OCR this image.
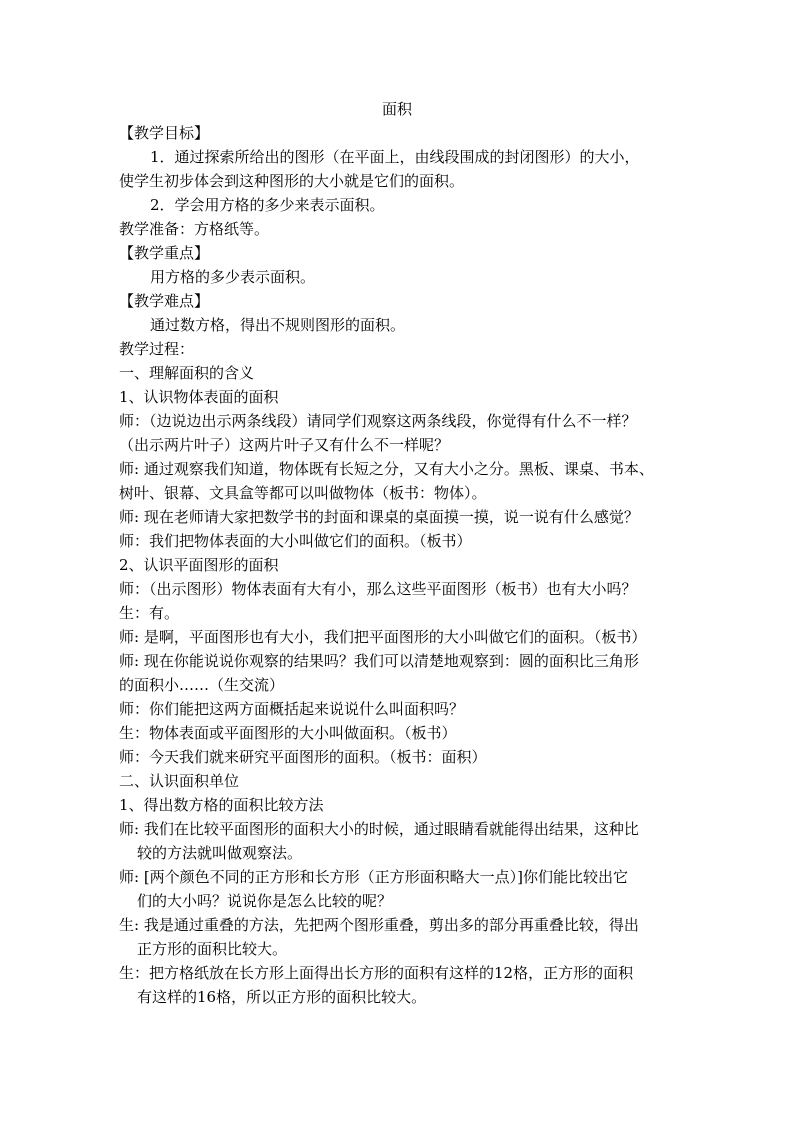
面积
【教学目标】
1．通过探索所给出的图形（在平面上，由线段围成的封闭图形）的大小，
使学生初步体会到这种图形的大小就是它们的面积。
2．学会用方格的多少来表示面积。
教学准备：方格纸等。
【教学重点】
用方格的多少表示面积。
【教学难点】
通过数方格，得出不规则图形的面积。
教学过程：
一、理解面积的含义
1、认识物体表面的面积
师：（边说边出示两条线段）请同学们观察这两条线段，你觉得有什么不一样？
（出示两片叶子）这两片叶子又有什么不一样呢？
师: 通过观察我们知道，物体既有长短之分，又有大小之分。黑板、课桌、书本、
树叶、银幕、文具盒等都可以叫做物体（板书：物体）。
师: 现在老师请大家把数学书的封面和课桌的桌面摸一摸，说一说有什么感觉？
师：我们把物体表面的大小叫做它们的面积。（板书）
2、认识平面图形的面积
师：（出示图形）物体表面有大有小，那么这些平面图形（板书）也有大小吗？
生：有。
师: 是啊，平面图形也有大小，我们把平面图形的大小叫做它们的面积。（板书）
师: 现在你能说说你观察的结果吗？我们可以清楚地观察到：圆的面积比三角形
的面积小……（生交流）
师：你们能把这两方面概括起来说说什么叫面积吗？
生：物体表面或平面图形的大小叫做面积。（板书）
师：今天我们就来研究平面图形的面积。（板书：面积）
二、认识面积单位
1、得出数方格的面积比较方法
师: 我们在比较平面图形的面积大小的时候，通过眼睛看就能得出结果，这种比
较的方法就叫做观察法。
师: [两个颜色不同的正方形和长方形（正方形面积略大一点）]你们能比较出它
们的大小吗？说说你是怎么比较的呢？
生: 我是通过重叠的方法，先把两个图形重叠，剪出多的部分再重叠比较，得出
正方形的面积比较大。
生：把方格纸放在长方形上面得出长方形的面积有这样的12格，正方形的面积
有这样的16格，所以正方形的面积比较大。
